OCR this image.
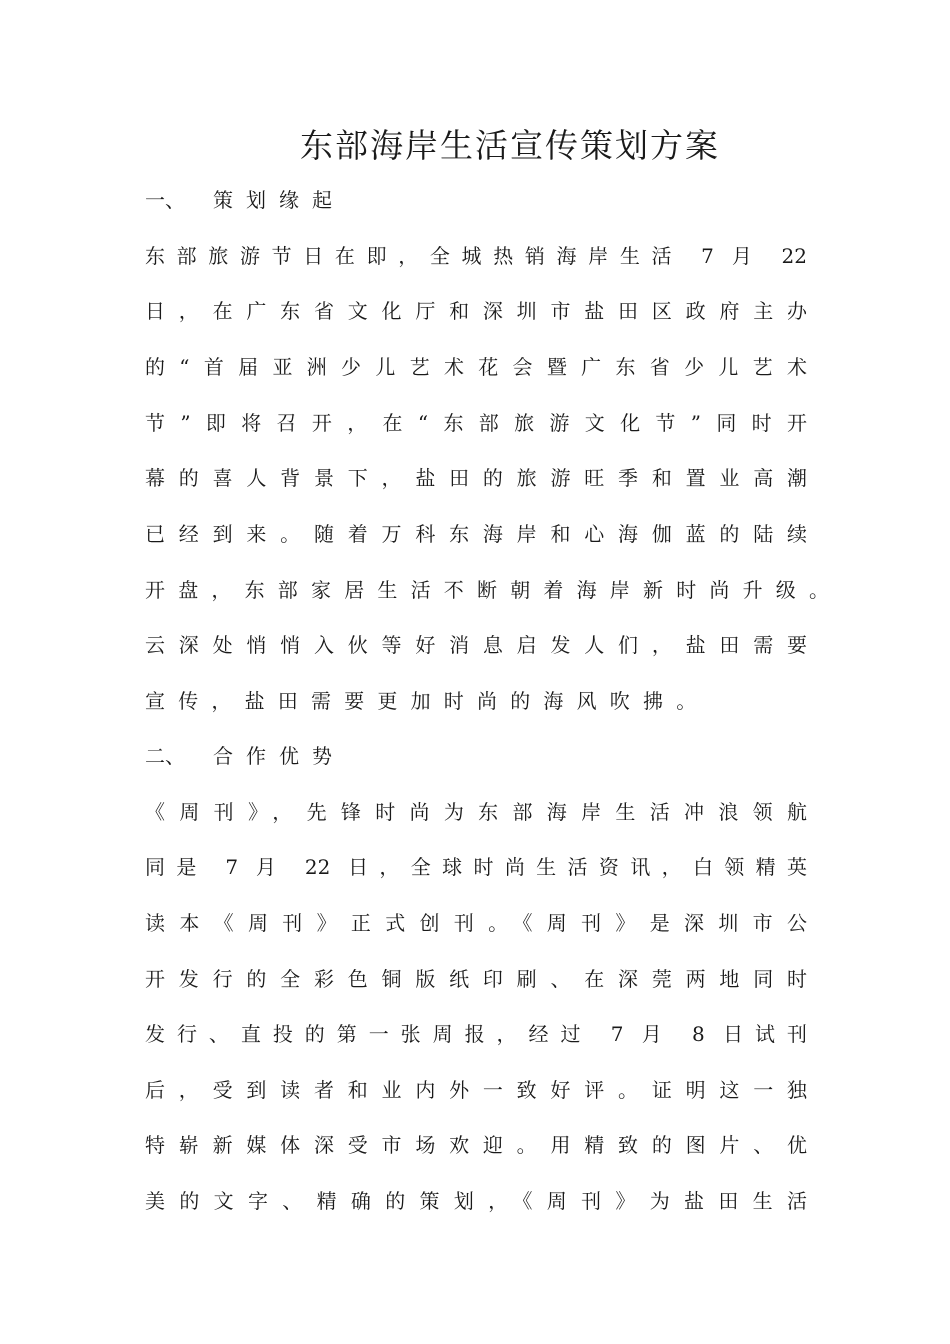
东部海岸生活宣传策划方案
一、 策划缘起

东部旅游节日在即，全城热销海岸生活 7 月 22

日，在广东省文化厅和深圳市盐田区政府主办

的“首届亚洲少儿艺术花会暨广东省少儿艺术

节”即将召开，在“东部旅游文化节”同时开

幕的喜人背景下，盐田的旅游旺季和置业高潮

已经到来。随着万科东海岸和心海伽蓝的陆续

开盘，东部家居生活不断朝着海岸新时尚升级。

云深处悄悄入伙等好消息启发人们，盐田需要

宣传，盐田需要更加时尚的海风吹拂。

二、 合作优势

《周刊》，先锋时尚为东部海岸生活冲浪领航

同是 7 月 22 日，全球时尚生活资讯，白领精英

读本《周刊》正式创刊。《周刊》是深圳市公

开发行的全彩色铜版纸印刷、在深莞两地同时

发行、直投的第一张周报，经过 7 月 8 日试刊

后，受到读者和业内外一致好评。证明这一独

特崭新媒体深受市场欢迎。用精致的图片、优

美的文字、精确的策划，《周刊》为盐田生活
